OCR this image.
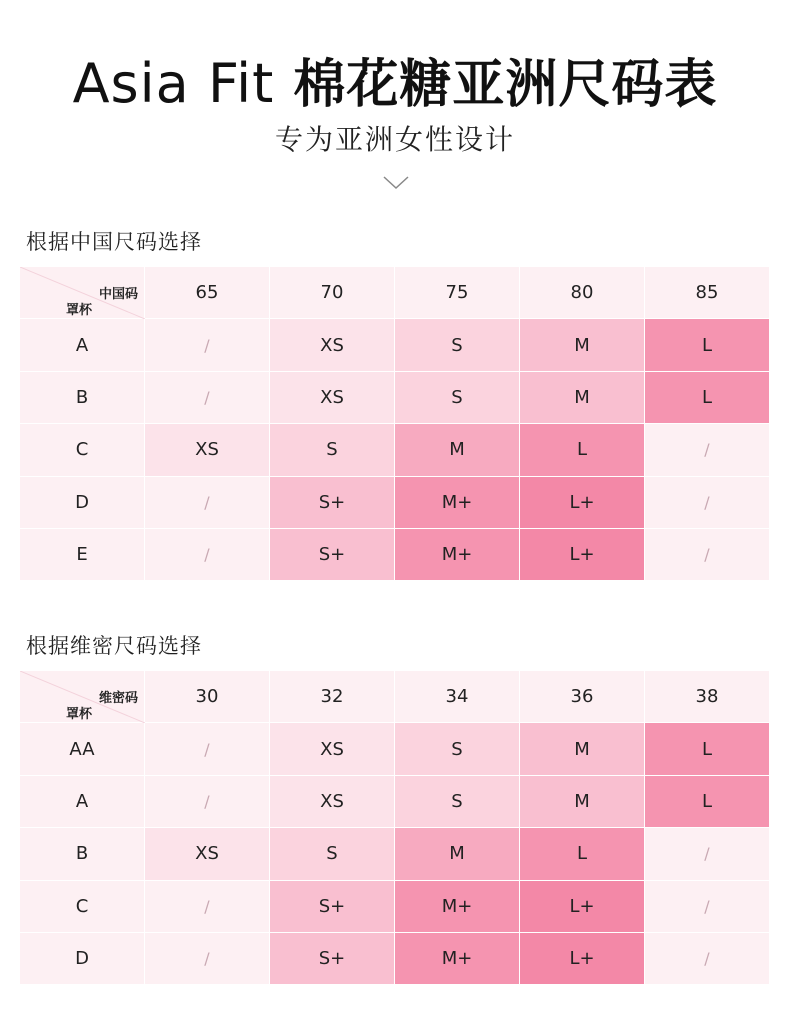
Asia Fit 棉花糖亚洲尺码表
专为亚洲女性设计
根据中国尺码选择
中国码
罩杯
65	70	75	80	85
A	/	XS	S	M	L
B	/	XS	S	M	L
C	XS	S	M	L	/
D	/	S+	M+	L+	/
E	/	S+	M+	L+	/
根据维密尺码选择
维密码
罩杯
30	32	34	36	38
AA	/	XS	S	M	L
A	/	XS	S	M	L
B	XS	S	M	L	/
C	/	S+	M+	L+	/
D	/	S+	M+	L+	/
